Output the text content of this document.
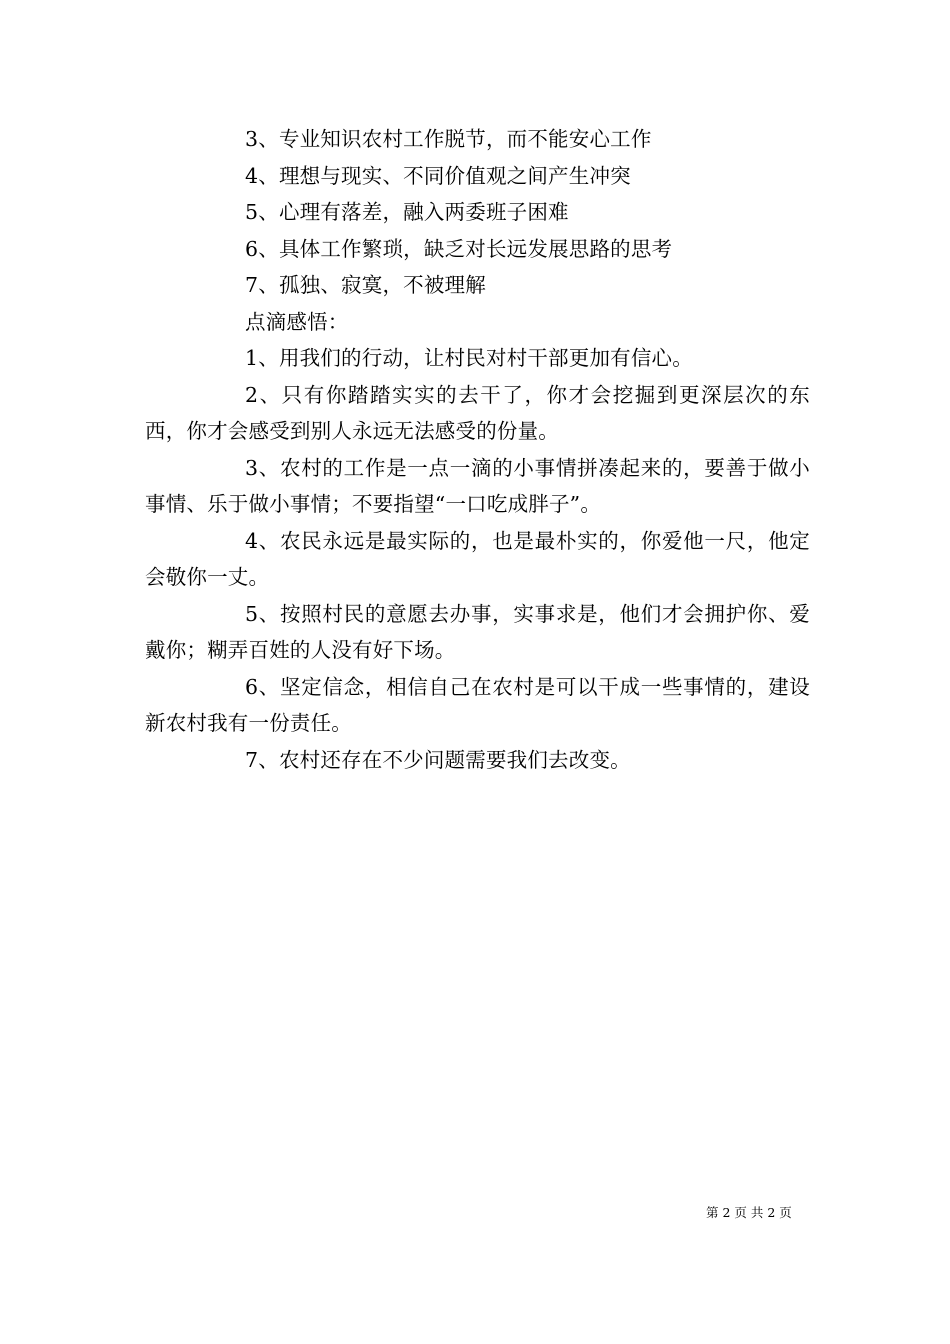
3、专业知识农村工作脱节，而不能安心工作
4、理想与现实、不同价值观之间产生冲突
5、心理有落差，融入两委班子困难
6、具体工作繁琐，缺乏对长远发展思路的思考
7、孤独、寂寞，不被理解
点滴感悟：

1、用我们的行动，让村民对村干部更加有信心。

2、只有你踏踏实实的去干了，你才会挖掘到更深层次的东西，你才会感受到别人永远无法感受的份量。

3、农村的工作是一点一滴的小事情拼凑起来的，要善于做小事情、乐于做小事情；不要指望“一口吃成胖子”。

4、农民永远是最实际的，也是最朴实的，你爱他一尺，他定会敬你一丈。

5、按照村民的意愿去办事，实事求是，他们才会拥护你、爱戴你；糊弄百姓的人没有好下场。

6、坚定信念，相信自己在农村是可以干成一些事情的，建设新农村我有一份责任。

7、农村还存在不少问题需要我们去改变。

第 2 页 共 2 页
